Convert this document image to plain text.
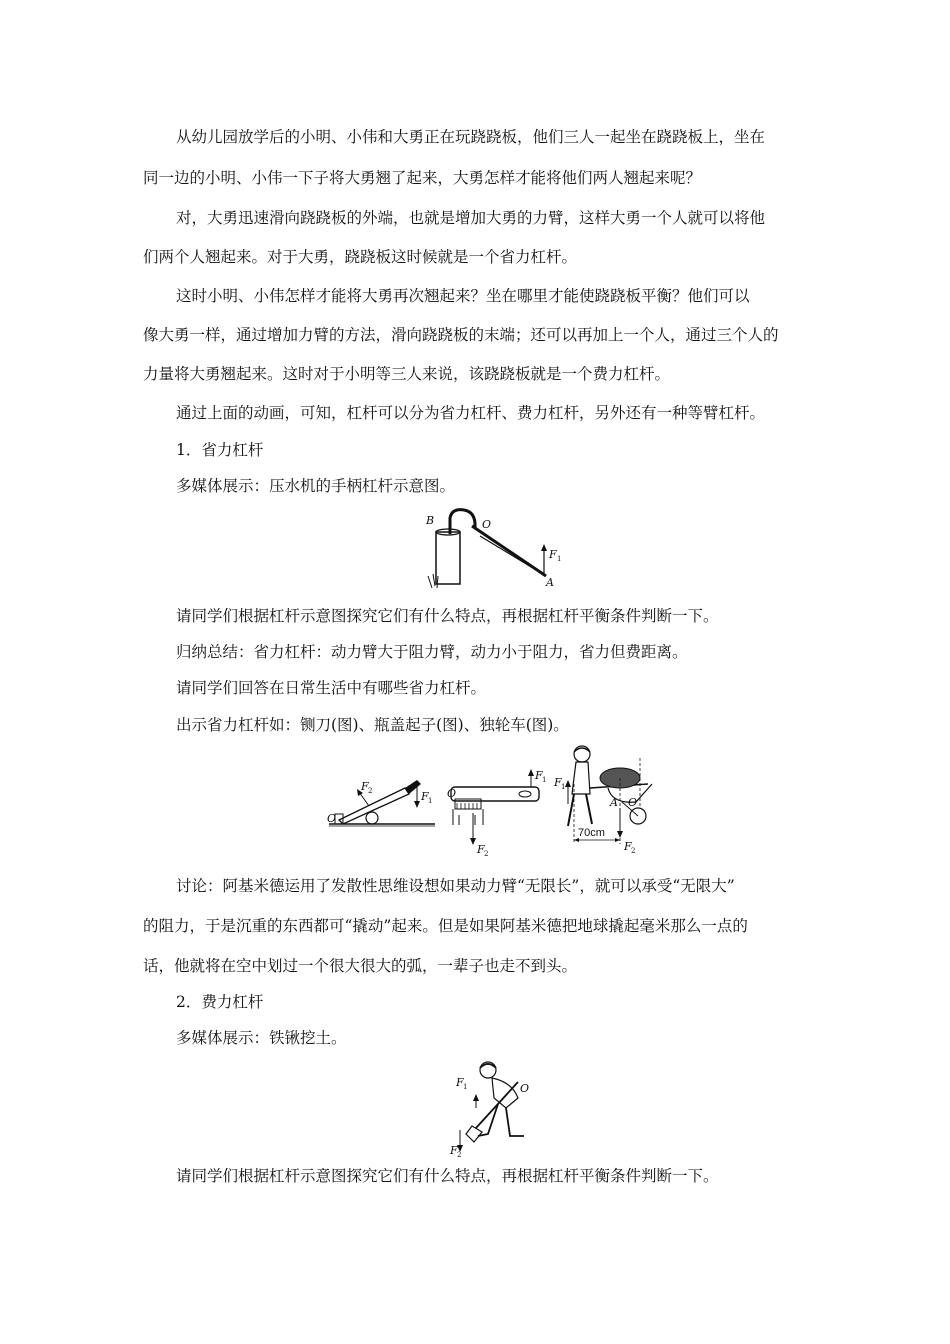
从幼儿园放学后的小明、小伟和大勇正在玩跷跷板，他们三人一起坐在跷跷板上，坐在
同一边的小明、小伟一下子将大勇翘了起来，大勇怎样才能将他们两人翘起来呢？
对，大勇迅速滑向跷跷板的外端，也就是增加大勇的力臂，这样大勇一个人就可以将他
们两个人翘起来。对于大勇，跷跷板这时候就是一个省力杠杆。
这时小明、小伟怎样才能将大勇再次翘起来？坐在哪里才能使跷跷板平衡？他们可以
像大勇一样，通过增加力臂的方法，滑向跷跷板的末端；还可以再加上一个人，通过三个人的
力量将大勇翘起来。这时对于小明等三人来说，该跷跷板就是一个费力杠杆。
通过上面的动画，可知，杠杆可以分为省力杠杆、费力杠杆，另外还有一种等臂杠杆。
1．省力杠杆
多媒体展示：压水机的手柄杠杆示意图。
B	O
F 1
A
请同学们根据杠杆示意图探究它们有什么特点，再根据杠杆平衡条件判断一下。
归纳总结：省力杠杆：动力臂大于阻力臂，动力小于阻力，省力但费距离。
请同学们回答在日常生活中有哪些省力杠杆。
出示省力杠杆如：铡刀(图)、瓶盖起子(图)、独轮车(图)。
F 2	F 1
O
F 1
O
F 2
F 1
A O
70cm
F 2
讨论：阿基米德运用了发散性思维设想如果动力臂“无限长”，就可以承受“无限大”
的阻力，于是沉重的东西都可“撬动”起来。但是如果阿基米德把地球撬起毫米那么一点的
话，他就将在空中划过一个很大很大的弧，一辈子也走不到头。
2．费力杠杆
多媒体展示：铁锹挖土。
F 1	O
F 2
请同学们根据杠杆示意图探究它们有什么特点，再根据杠杆平衡条件判断一下。
